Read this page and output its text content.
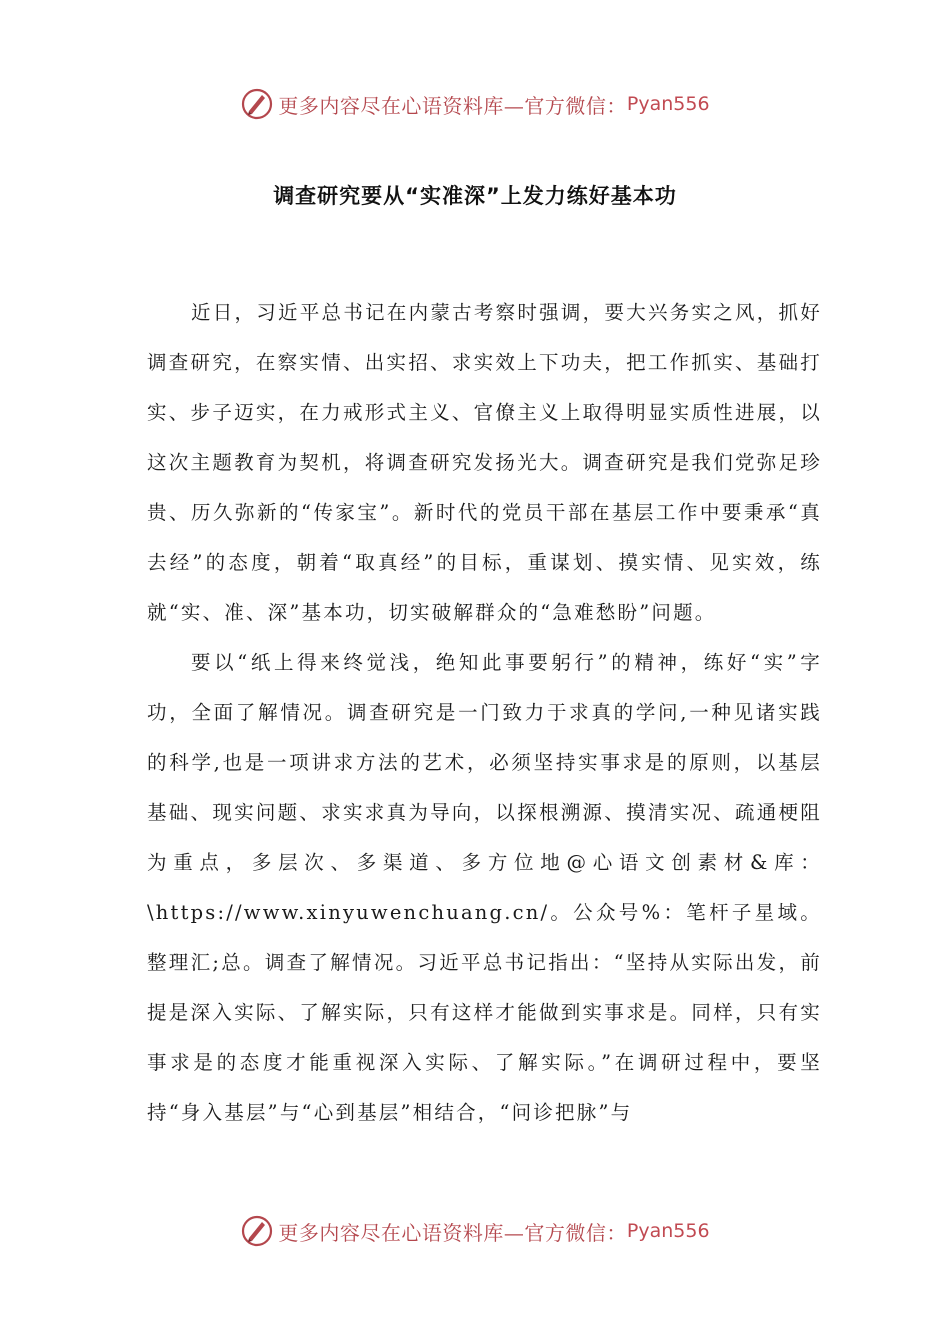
更多内容尽在心语资料库—官方微信： Pyan556
调查研究要从“实准深”上发力练好基本功

近日，习近平总书记在内蒙古考察时强调，要大兴务实之风，抓好调查研究，在察实情、出实招、求实效上下功夫，把工作抓实、基础打实、步子迈实，在力戒形式主义、官僚主义上取得明显实质性进展，以这次主题教育为契机，将调查研究发扬光大。调查研究是我们党弥足珍贵、历久弥新的“传家宝”。新时代的党员干部在基层工作中要秉承“真去经”的态度，朝着“取真经”的目标，重谋划、摸实情、见实效，练就“实、准、深”基本功，切实破解群众的“急难愁盼”问题。

要以“纸上得来终觉浅，绝知此事要躬行”的精神，练好“实”字功，全面了解情况。调查研究是一门致力于求真的学问,一种见诸实践的科学,也是一项讲求方法的艺术，必须坚持实事求是的原则，以基层基础、现实问题、求实求真为导向，以探根溯源、摸清实况、疏通梗阻为重点，多层次、多渠道、多方位地@心语文创素材&库：\https://www.xinyuwenchuang.cn/。公众号%：笔杆子星域。整理汇;总。调查了解情况。习近平总书记指出：“坚持从实际出发，前提是深入实际、了解实际，只有这样才能做到实事求是。同样，只有实事求是的态度才能重视深入实际、了解实际。”在调研过程中，要坚持“身入基层”与“心到基层”相结合，“问诊把脉”与

更多内容尽在心语资料库—官方微信： Pyan556
